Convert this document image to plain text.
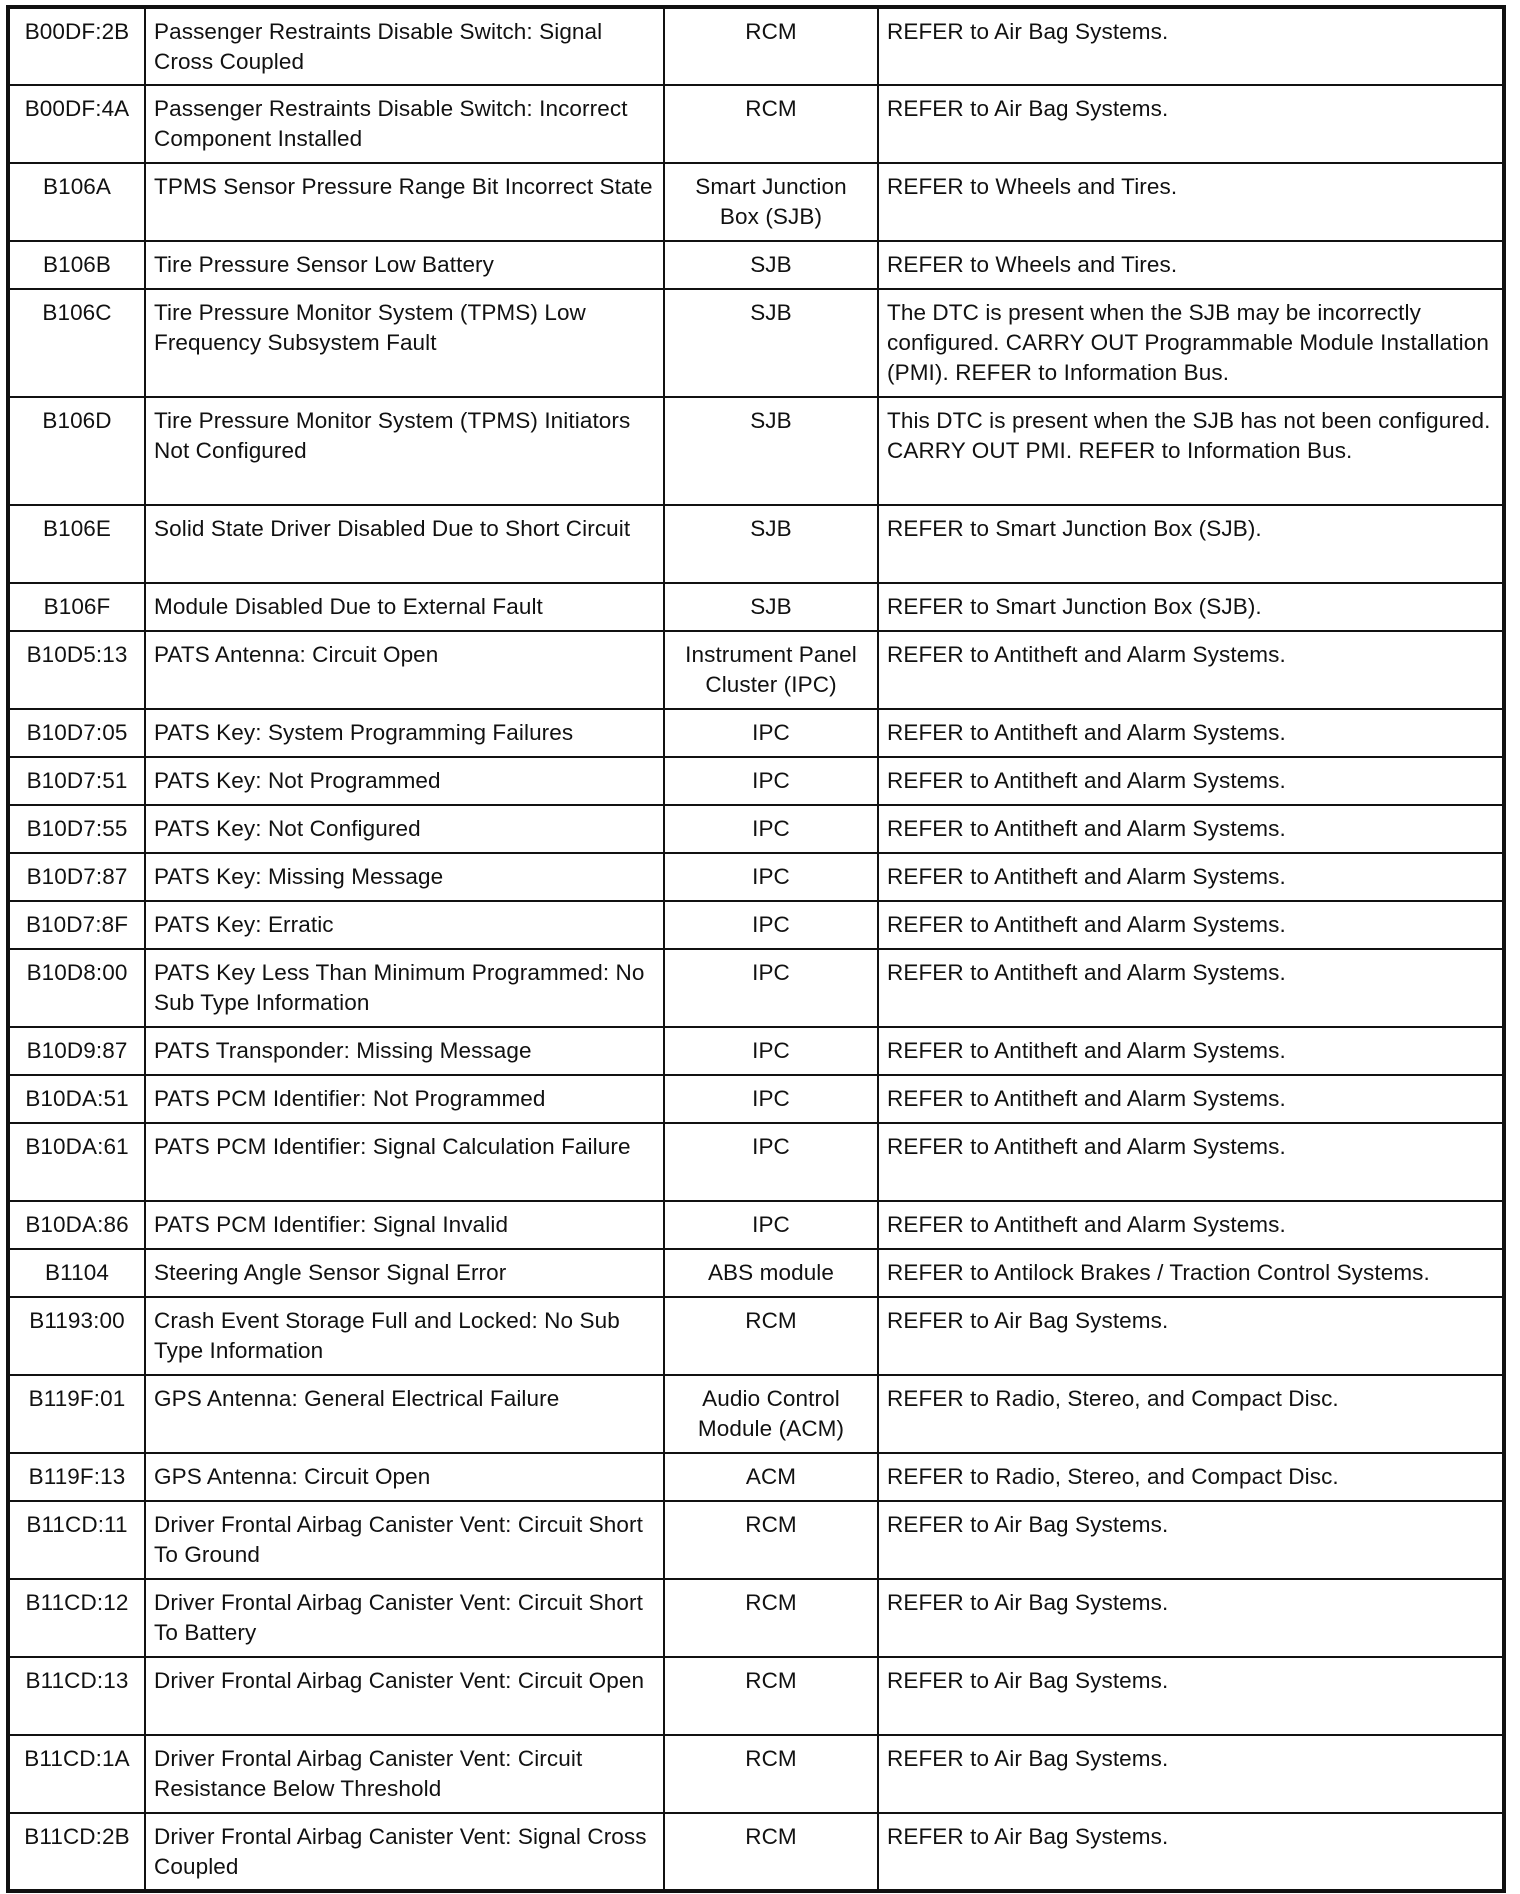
B00DF:2B	Passenger Restraints Disable Switch: Signal Cross Coupled	RCM	REFER to Air Bag Systems.
B00DF:4A	Passenger Restraints Disable Switch: Incorrect Component Installed	RCM	REFER to Air Bag Systems.
B106A	TPMS Sensor Pressure Range Bit Incorrect State	Smart Junction Box (SJB)	REFER to Wheels and Tires.
B106B	Tire Pressure Sensor Low Battery	SJB	REFER to Wheels and Tires.
B106C	Tire Pressure Monitor System (TPMS) Low Frequency Subsystem Fault	SJB	The DTC is present when the SJB may be incorrectly configured. CARRY OUT Programmable Module Installation (PMI). REFER to Information Bus.
B106D	Tire Pressure Monitor System (TPMS) Initiators Not Configured	SJB	This DTC is present when the SJB has not been configured. CARRY OUT PMI. REFER to Information Bus.
B106E	Solid State Driver Disabled Due to Short Circuit	SJB	REFER to Smart Junction Box (SJB).
B106F	Module Disabled Due to External Fault	SJB	REFER to Smart Junction Box (SJB).
B10D5:13	PATS Antenna: Circuit Open	Instrument Panel Cluster (IPC)	REFER to Antitheft and Alarm Systems.
B10D7:05	PATS Key: System Programming Failures	IPC	REFER to Antitheft and Alarm Systems.
B10D7:51	PATS Key: Not Programmed	IPC	REFER to Antitheft and Alarm Systems.
B10D7:55	PATS Key: Not Configured	IPC	REFER to Antitheft and Alarm Systems.
B10D7:87	PATS Key: Missing Message	IPC	REFER to Antitheft and Alarm Systems.
B10D7:8F	PATS Key: Erratic	IPC	REFER to Antitheft and Alarm Systems.
B10D8:00	PATS Key Less Than Minimum Programmed: No Sub Type Information	IPC	REFER to Antitheft and Alarm Systems.
B10D9:87	PATS Transponder: Missing Message	IPC	REFER to Antitheft and Alarm Systems.
B10DA:51	PATS PCM Identifier: Not Programmed	IPC	REFER to Antitheft and Alarm Systems.
B10DA:61	PATS PCM Identifier: Signal Calculation Failure	IPC	REFER to Antitheft and Alarm Systems.
B10DA:86	PATS PCM Identifier: Signal Invalid	IPC	REFER to Antitheft and Alarm Systems.
B1104	Steering Angle Sensor Signal Error	ABS module	REFER to Antilock Brakes / Traction Control Systems.
B1193:00	Crash Event Storage Full and Locked: No Sub Type Information	RCM	REFER to Air Bag Systems.
B119F:01	GPS Antenna: General Electrical Failure	Audio Control Module (ACM)	REFER to Radio, Stereo, and Compact Disc.
B119F:13	GPS Antenna: Circuit Open	ACM	REFER to Radio, Stereo, and Compact Disc.
B11CD:11	Driver Frontal Airbag Canister Vent: Circuit Short To Ground	RCM	REFER to Air Bag Systems.
B11CD:12	Driver Frontal Airbag Canister Vent: Circuit Short To Battery	RCM	REFER to Air Bag Systems.
B11CD:13	Driver Frontal Airbag Canister Vent: Circuit Open	RCM	REFER to Air Bag Systems.
B11CD:1A	Driver Frontal Airbag Canister Vent: Circuit Resistance Below Threshold	RCM	REFER to Air Bag Systems.
B11CD:2B	Driver Frontal Airbag Canister Vent: Signal Cross Coupled	RCM	REFER to Air Bag Systems.
